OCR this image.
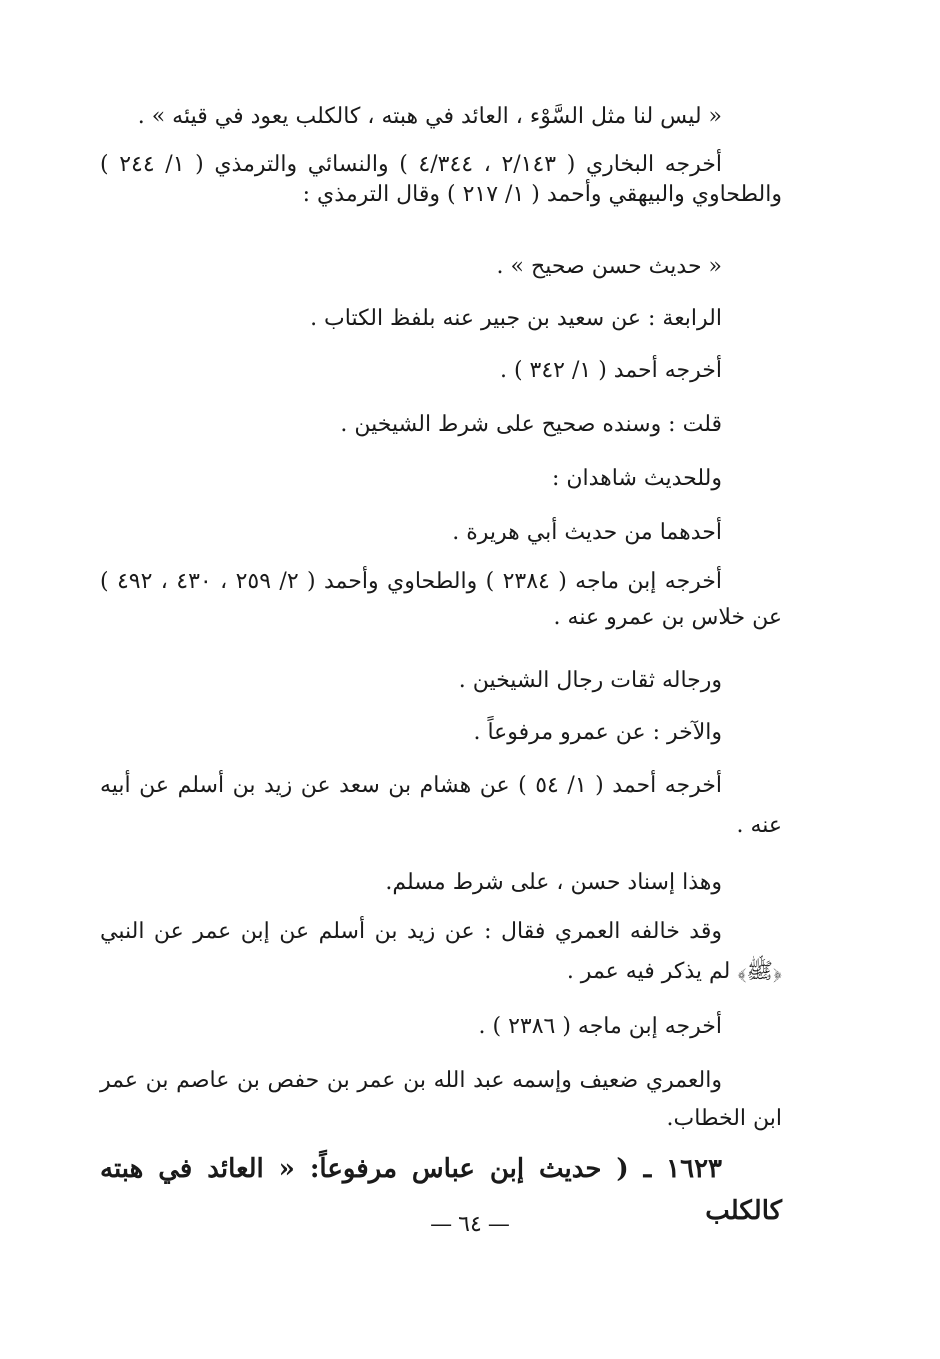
« ليس لنا مثل السَّوْء ، العائد في هبته ، كالكلب يعود في قيئه » .

أخرجه البخاري ( ٢/١٤٣ ، ٤/٣٤٤ ) والنسائي والترمذي ( ١/ ٢٤٤ ) والطحاوي والبيهقي وأحمد ( ١/ ٢١٧ ) وقال الترمذي :

« حديث حسن صحيح » .

الرابعة : عن سعيد بن جبير عنه بلفظ الكتاب .

أخرجه أحمد ( ١/ ٣٤٢ ) .

قلت : وسنده صحيح على شرط الشيخين .

وللحديث شاهدان :

أحدهما من حديث أبي هريرة .

أخرجه إبن ماجه ( ٢٣٨٤ ) والطحاوي وأحمد ( ٢/ ٢٥٩ ، ٤٣٠ ، ٤٩٢ ) عن خلاس بن عمرو عنه .

ورجاله ثقات رجال الشيخين .

والآخر : عن عمرو مرفوعاً .

أخرجه أحمد ( ١/ ٥٤ ) عن هشام بن سعد عن زيد بن أسلم عن أبيه عنه .

وهذا إسناد حسن ، على شرط مسلم.

وقد خالفه العمري فقال : عن زيد بن أسلم عن إبن عمر عن النبي ﴿ﷺ﴾ لم يذكر فيه عمر .

أخرجه إبن ماجه ( ٢٣٨٦ ) .

والعمري ضعيف وإسمه عبد الله بن عمر بن حفص بن عاصم بن عمر ابن الخطاب.

١٦٢٣ ـ ( حديث إبن عباس مرفوعاً: « العائد في هبته كالكلب

—٦٤—
